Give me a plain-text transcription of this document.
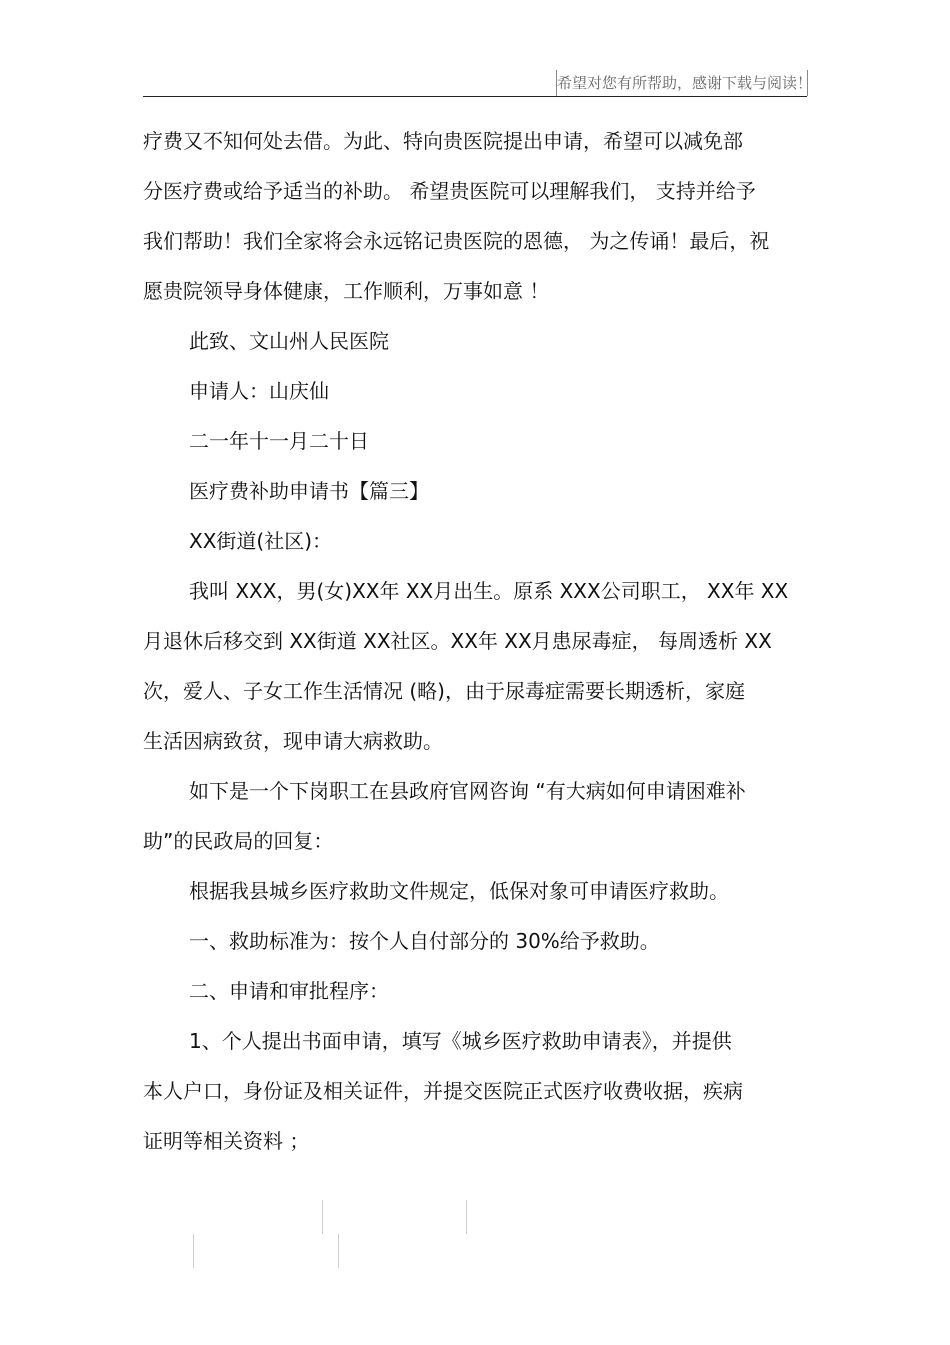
希望对您有所帮助，感谢下载与阅读！
疗费又不知何处去借。为此、特向贵医院提出申请，希望可以减免部
分医疗费或给予适当的补助。 希望贵医院可以理解我们， 支持并给予
我们帮助！我们全家将会永远铭记贵医院的恩德， 为之传诵！最后，祝
愿贵院领导身体健康，工作顺利，万事如意 ！
此致、文山州人民医院
申请人：山庆仙
二一年十一月二十日
医疗费补助申请书【篇三】
XX街道(社区)：
我叫 XXX，男(女)XX年 XX月出生。原系 XXX公司职工， XX年 XX
月退休后移交到 XX街道 XX社区。XX年 XX月患尿毒症， 每周透析 XX
次，爱人、子女工作生活情况 (略)，由于尿毒症需要长期透析，家庭
生活因病致贫，现申请大病救助。
如下是一个下岗职工在县政府官网咨询 “有大病如何申请困难补
助”的民政局的回复：
根据我县城乡医疗救助文件规定，低保对象可申请医疗救助。
一、救助标准为：按个人自付部分的 30%给予救助。
二、申请和审批程序：
1、个人提出书面申请，填写《城乡医疗救助申请表》，并提供
本人户口，身份证及相关证件，并提交医院正式医疗收费收据，疾病
证明等相关资料 ；
